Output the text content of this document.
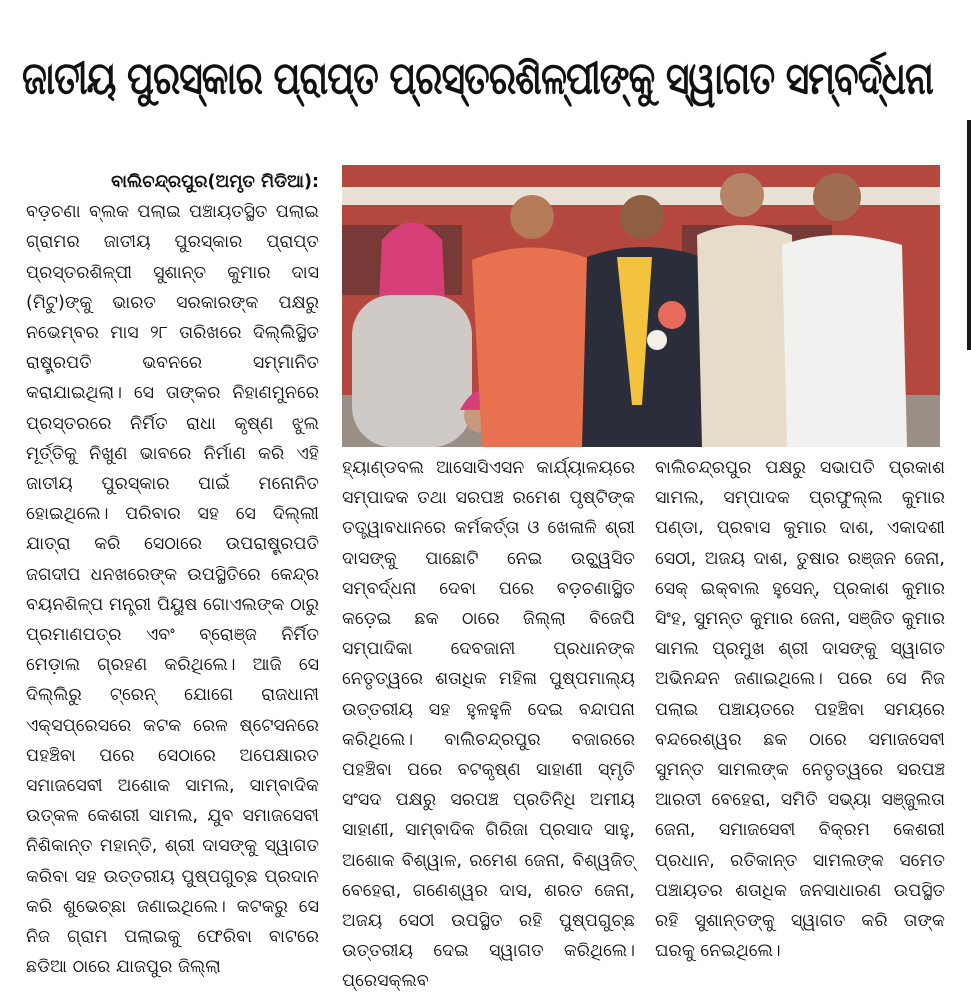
ଜାତୀୟ ପୁରସ୍କାର ପ୍ରାପ୍ତ ପ୍ରସ୍ତରଶିଳ୍ପୀଙ୍କୁ ସ୍ୱାଗତ ସମ୍ବର୍ଦ୍ଧନା

ବାଲିଚନ୍ଦ୍ରପୁର(ଅମୃତ ମିଡିଆ):
ବଡ଼ଚଣା ବ୍ଲକ ପଲାଇ ପଞ୍ଚାୟତସ୍ଥିତ ପଲାଇ ଗ୍ରାମର ଜାତୀୟ ପୁରସ୍କାର ପ୍ରାପ୍ତ ପ୍ରସ୍ତରଶିଳ୍ପୀ ସୁଶାନ୍ତ କୁମାର ଦାସ (ମିଟୁ)ଙ୍କୁ ଭାରତ ସରକାରଙ୍କ ପକ୍ଷରୁ ନଭେମ୍ବର ମାସ ୨୮ ତାରିଖରେ ଦିଲ୍ଲିସ୍ଥିତ ରାଷ୍ଟ୍ରପତି ଭବନରେ ସମ୍ମାନିତ କରାଯାଇଥିଲା। ସେ ତାଙ୍କର ନିହାଣମୁନରେ ପ୍ରସ୍ତରରେ ନିର୍ମିତ ରାଧା କୃଷ୍ଣ ଝୁଲ ମୂର୍ତ୍ତିକୁ ନିଖୁଣ ଭାବରେ ନିର୍ମାଣ କରି ଏହି ଜାତୀୟ ପୁରସ୍କାର ପାଇଁ ମନୋନିତ ହୋଇଥିଲେ। ପରିବାର ସହ ସେ ଦିଲ୍ଲୀ ଯାତ୍ରା କରି ସେଠାରେ ଉପରାଷ୍ଟ୍ରପତି ଜଗଦୀପ ଧନଖରେଙ୍କ ଉପସ୍ଥିତିରେ କେନ୍ଦ୍ର ବୟନଶିଳ୍ପ ମନ୍ତ୍ରୀ ପିୟୁଷ ଗୋଏଲଙ୍କ ଠାରୁ ପ୍ରମାଣପତ୍ର ଏବଂ ବ୍ରୋଞ୍ଜ ନିର୍ମିତ ମେଡ଼ାଲ ଗ୍ରହଣ କରିଥିଲେ। ଆଜି ସେ ଦିଲ୍ଲିରୁ ଟ୍ରେନ୍ ଯୋଗେ ରାଜଧାନୀ ଏକ୍ସପ୍ରେସରେ କଟକ ରେଳ ଷ୍ଟେସନରେ ପହଞ୍ଚିବା ପରେ ସେଠାରେ ଅପେକ୍ଷାରତ ସମାଜସେବୀ ଅଶୋକ ସାମଲ, ସାମ୍ବାଦିକ ଉତ୍କଳ କେଶରୀ ସାମଲ, ଯୁବ ସମାଜସେବୀ ନିଶିକାନ୍ତ ମହାନ୍ତି, ଶ୍ରୀ ଦାସଙ୍କୁ ସ୍ୱାଗତ କରିବା ସହ ଉତ୍ତରୀୟ ପୁଷ୍ପଗୁଚ୍ଛ ପ୍ରଦାନ କରି ଶୁଭେଚ୍ଛା ଜଣାଇଥିଲେ। କଟକରୁ ସେ ନିଜ ଗ୍ରାମ ପଲାଇକୁ ଫେରିବା ବାଟରେ ଛଡିଆ ଠାରେ ଯାଜପୁର ଜିଲ୍ଲା

ହ୍ୟାଣ୍ଡବଲ ଆସୋସିଏସନ କାର୍ଯ୍ୟାଳୟରେ ସମ୍ପାଦକ ତଥା ସରପଞ୍ଚ ରମେଶ ପୃଷ୍ଟିଙ୍କ ତତ୍ତ୍ୱାବଧାନରେ କର୍ମକର୍ତ୍ତା ଓ ଖେଳାଳି ଶ୍ରୀ ଦାସଙ୍କୁ ପାଛୋଟି ନେଇ ଉଚ୍ଛ୍ୱସିତ ସମ୍ବର୍ଦ୍ଧନା ଦେବା ପରେ ବଡ଼ଚଣାସ୍ଥିତ କଡ଼େଇ ଛକ ଠାରେ ଜିଲ୍ଲା ବିଜେପି ସମ୍ପାଦିକା ଦେବଜାନୀ ପ୍ରଧାନଙ୍କ ନେତୃତ୍ୱରେ ଶତାଧିକ ମହିଳା ପୁଷ୍ପମାଲ୍ୟ ଉତ୍ତରୀୟ ସହ ହୁଳହୁଳି ଦେଇ ବନ୍ଦାପନା କରିଥିଲେ। ବାଲିଚନ୍ଦ୍ରପୁର ବଜାରରେ ପହଞ୍ଚିବା ପରେ ବଟକୃଷ୍ଣ ସାହାଣୀ ସ୍ମୃତି ସଂସଦ ପକ୍ଷରୁ ସରପଞ୍ଚ ପ୍ରତିନିଧି ଅମୀୟ ସାହାଣୀ, ସାମ୍ବାଦିକ ଗିରିଜା ପ୍ରସାଦ ସାହୁ, ଅଶୋକ ବିଶ୍ୱାଳ, ରମେଶ ଜେନା, ବିଶ୍ୱଜିତ୍ ବେହେରା, ଗଣେଶ୍ୱର ଦାସ, ଶରତ ଜେନା, ଅଜୟ ସେଠୀ ଉପସ୍ଥିତ ରହି ପୁଷ୍ପଗୁଚ୍ଛ ଉତ୍ତରୀୟ ଦେଇ ସ୍ୱାଗତ କରିଥିଲେ। ପ୍ରେସକ୍ଲବ

ବାଲିଚନ୍ଦ୍ରପୁର ପକ୍ଷରୁ ସଭାପତି ପ୍ରକାଶ ସାମଲ, ସମ୍ପାଦକ ପ୍ରଫୁଲ୍ଲ କୁମାର ପଣ୍ଡା, ପ୍ରବାସ କୁମାର ଦାଶ, ଏକାଦଶୀ ସେଠୀ, ଅଜୟ ଦାଶ, ତୁଷାର ରଞ୍ଜନ ଜେନା, ସେକ୍ ଇକ୍‌ବାଲ ହୁସେନ୍, ପ୍ରକାଶ କୁମାର ସିଂହ, ସୁମନ୍ତ କୁମାର ଜେନା, ସଞ୍ଜିତ କୁମାର ସାମଲ ପ୍ରମୁଖ ଶ୍ରୀ ଦାସଙ୍କୁ ସ୍ୱାଗତ ଅଭିନନ୍ଦନ ଜଣାଇଥିଲେ। ପରେ ସେ ନିଜ ପଲାଇ ପଞ୍ଚାୟତରେ ପହଞ୍ଚିବା ସମୟରେ ବନ୍ଦରେଶ୍ୱର ଛକ ଠାରେ ସମାଜସେବୀ ସୁମନ୍ତ ସାମଲଙ୍କ ନେତୃତ୍ୱରେ ସରପଞ୍ଚ ଆରତୀ ବେହେରା, ସମିତି ସଭ୍ୟା ସଞ୍ଜୁଲତା ଜେନା, ସମାଜସେବୀ ବିକ୍ରମ କେଶରୀ ପ୍ରଧାନ, ରତିକାନ୍ତ ସାମଲଙ୍କ ସମେତ ପଞ୍ଚାୟତର ଶତାଧିକ ଜନସାଧାରଣ ଉପସ୍ଥିତ ରହି ସୁଶାନ୍ତଙ୍କୁ ସ୍ୱାଗତ କରି ତାଙ୍କ ଘରକୁ ନେଇଥିଲେ।
